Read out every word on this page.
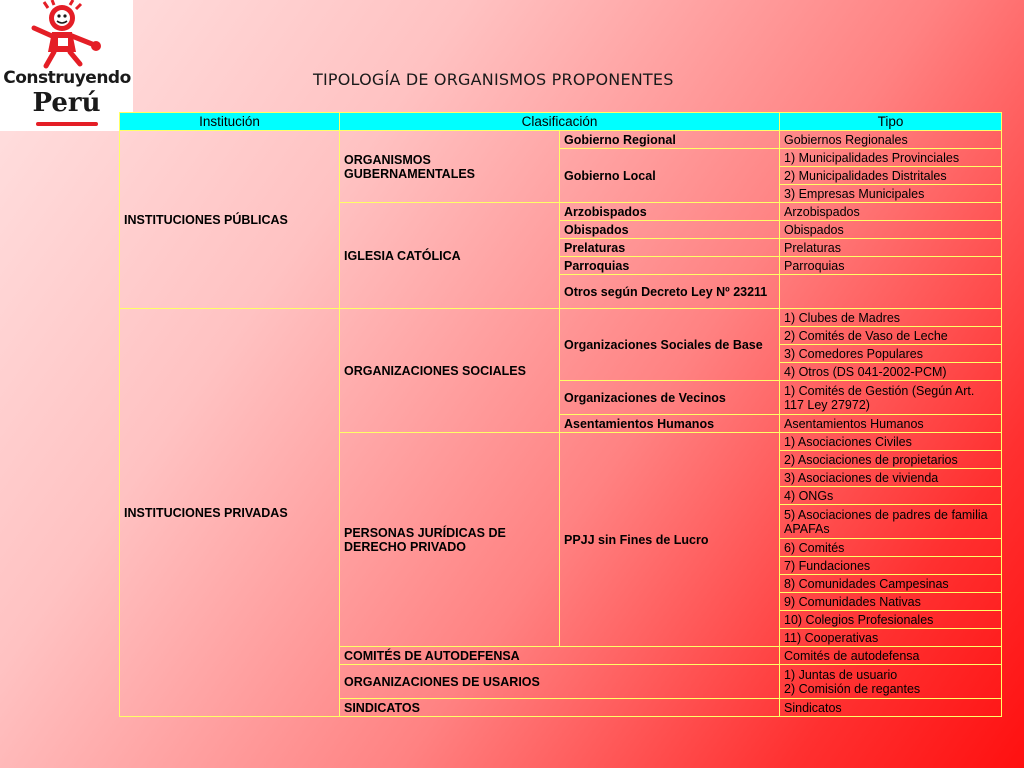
Construyendo
Perú
TIPOLOGÍA DE ORGANISMOS PROPONENTES
Institución	Clasificación		Tipo
INSTITUCIONES PÚBLICAS	ORGANISMOS GUBERNAMENTALES	Gobierno Regional	Gobiernos Regionales
		Gobierno Local	1) Municipalidades Provinciales
			2) Municipalidades Distritales
			3) Empresas Municipales
	IGLESIA CATÓLICA	Arzobispados	Arzobispados
		Obispados	Obispados
		Prelaturas	Prelaturas
		Parroquias	Parroquias
		Otros según Decreto Ley Nº 23211	

INSTITUCIONES PRIVADAS	ORGANIZACIONES SOCIALES	Organizaciones Sociales de Base	1) Clubes de Madres
			2) Comités de Vaso de Leche
			3) Comedores Populares
			4) Otros (DS 041-2002-PCM)
		Organizaciones de Vecinos	1) Comités de Gestión (Según Art. 117 Ley 27972)
		Asentamientos Humanos	Asentamientos Humanos
	PERSONAS JURÍDICAS DE DERECHO PRIVADO	PPJJ sin Fines de Lucro	1) Asociaciones Civiles
			2) Asociaciones de propietarios
			3) Asociaciones de vivienda
			4) ONGs
			5) Asociaciones de padres de familia APAFAs
			6) Comités
			7) Fundaciones
			8) Comunidades Campesinas
			9) Comunidades Nativas
			10) Colegios Profesionales
			11) Cooperativas
	COMITÉS DE AUTODEFENSA		Comités de autodefensa
	ORGANIZACIONES DE USARIOS		1) Juntas de usuario
2) Comisión de regantes
	SINDICATOS		Sindicatos
